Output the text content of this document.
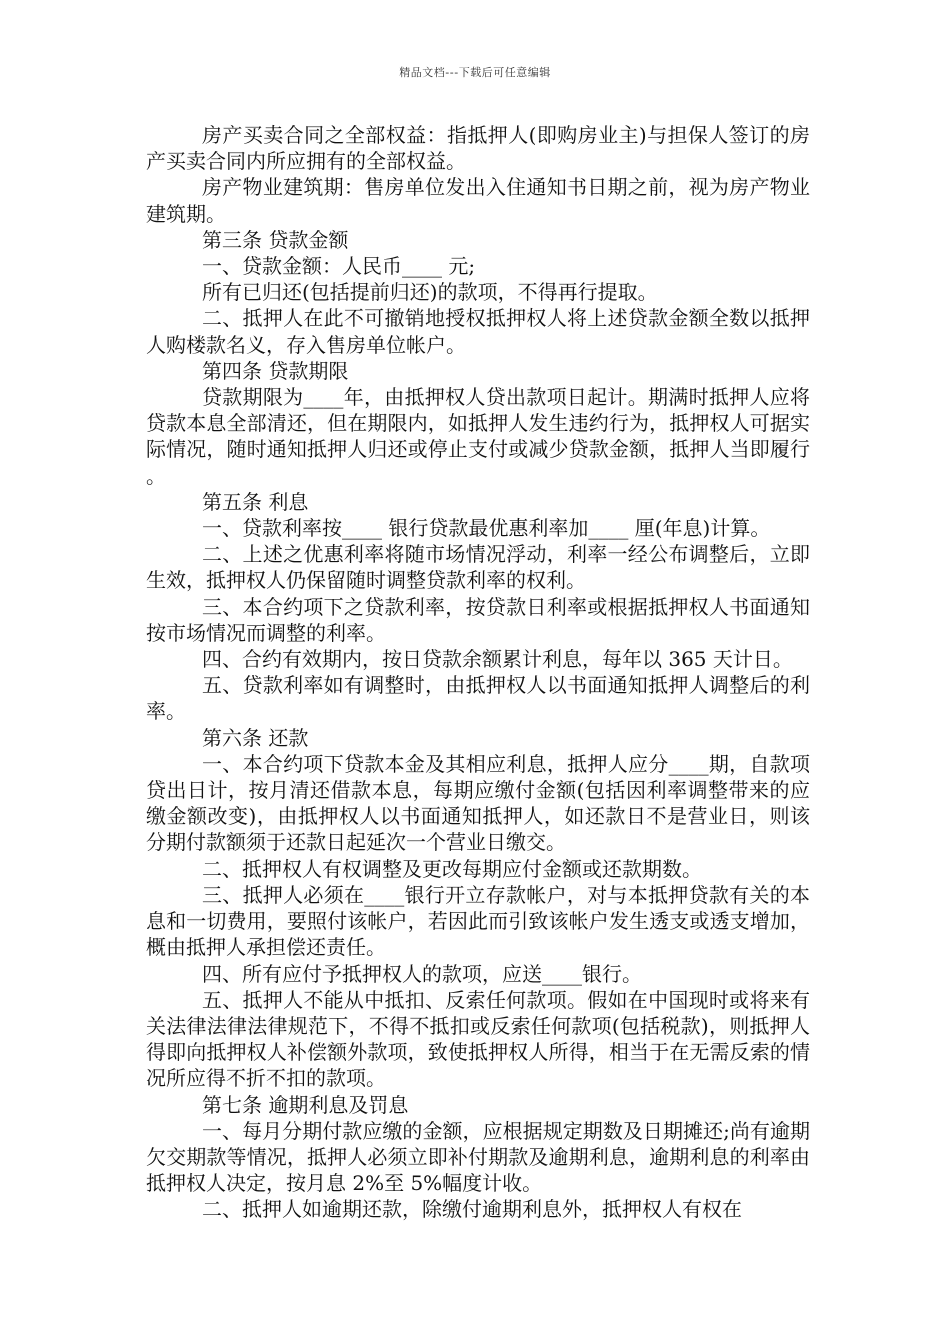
精品文档---下载后可任意编辑

房产买卖合同之全部权益：指抵押人(即购房业主)与担保人签订的房产买卖合同内所应拥有的全部权益。

房产物业建筑期：售房单位发出入住通知书日期之前，视为房产物业建筑期。

第三条 贷款金额

一、贷款金额：人民币____ 元;

所有已归还(包括提前归还)的款项，不得再行提取。

二、抵押人在此不可撤销地授权抵押权人将上述贷款金额全数以抵押人购楼款名义，存入售房单位帐户。

第四条 贷款期限

贷款期限为____年，由抵押权人贷出款项日起计。期满时抵押人应将贷款本息全部清还，但在期限内，如抵押人发生违约行为，抵押权人可据实际情况，随时通知抵押人归还或停止支付或减少贷款金额，抵押人当即履行。

第五条 利息

一、贷款利率按____ 银行贷款最优惠利率加____ 厘(年息)计算。

二、上述之优惠利率将随市场情况浮动，利率一经公布调整后，立即生效，抵押权人仍保留随时调整贷款利率的权利。

三、本合约项下之贷款利率，按贷款日利率或根据抵押权人书面通知按市场情况而调整的利率。

四、合约有效期内，按日贷款余额累计利息，每年以 365 天计日。

五、贷款利率如有调整时，由抵押权人以书面通知抵押人调整后的利率。

第六条 还款

一、本合约项下贷款本金及其相应利息，抵押人应分____期，自款项贷出日计，按月清还借款本息，每期应缴付金额(包括因利率调整带来的应缴金额改变)，由抵押权人以书面通知抵押人，如还款日不是营业日，则该分期付款额须于还款日起延次一个营业日缴交。

二、抵押权人有权调整及更改每期应付金额或还款期数。

三、抵押人必须在____银行开立存款帐户，对与本抵押贷款有关的本息和一切费用，要照付该帐户，若因此而引致该帐户发生透支或透支增加，概由抵押人承担偿还责任。

四、所有应付予抵押权人的款项，应送____银行。

五、抵押人不能从中抵扣、反索任何款项。假如在中国现时或将来有关法律法律法律规范下，不得不抵扣或反索任何款项(包括税款)，则抵押人得即向抵押权人补偿额外款项，致使抵押权人所得，相当于在无需反索的情况所应得不折不扣的款项。

第七条 逾期利息及罚息

一、每月分期付款应缴的金额，应根据规定期数及日期摊还;尚有逾期欠交期款等情况，抵押人必须立即补付期款及逾期利息，逾期利息的利率由抵押权人决定，按月息 2%至 5%幅度计收。

二、抵押人如逾期还款，除缴付逾期利息外，抵押权人有权在
